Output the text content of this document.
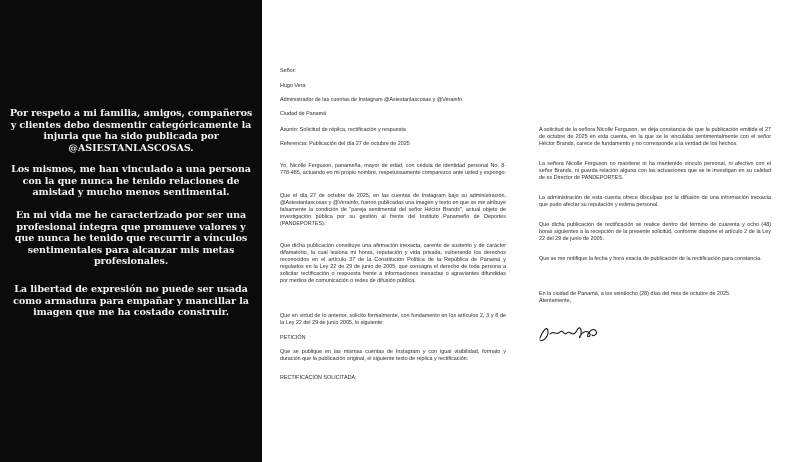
Por respeto a mi familia, amigos, compañeros y clientes debo desmentir categóricamente la injuria que ha sido publicada por @ASIESTANLASCOSAS.

Los mismos, me han vinculado a una persona con la que nunca he tenido relaciones de amistad y mucho menos sentimental.

En mi vida me he caracterizado por ser una profesional íntegra que promueve valores y que nunca he tenido que recurrir a vínculos sentimentales para alcanzar mis metas profesionales.

La libertad de expresión no puede ser usada como armadura para empañar y mancillar la imagen que me ha costado construir.

Señor:

Hugo Vera

Administrador de las cuentas de Instagram @Asiestanlascosas y @Verainfo

Ciudad de Panamá

Asunto: Solicitud de réplica, rectificación y respuesta

Referencia: Publicación del día 27 de octubre de 2025

Yo, Nicolle Ferguson, panameña, mayor de edad, con cédula de identidad personal No. 8-778-485, actuando en mi propio nombre, respetuosamente comparezco ante usted y expongo:

Que el día 27 de octubre de 2025, en las cuentas de Instagram bajo su administración, @Asiestanlascosas y @Verainfo, fueron publicadas una imagen y texto en que se me atribuye falsamente la condición de "pareja sentimental del señor Héctor Brands", actual objeto de investigación pública por su gestión al frente del Instituto Panameño de Deportes (PANDEPORTES).

Que dicha publicación constituye una afirmación inexacta, carente de sustento y de carácter difamatorio, la cual lesiona mi honra, reputación y vida privada, vulnerando los derechos reconocidos en el artículo 37 de la Constitución Política de la República de Panamá y regulados en la Ley 22 de 29 de junio de 2005, que consagra el derecho de toda persona a solicitar rectificación o respuesta frente a informaciones inexactas o agraviantes difundidas por medios de comunicación o redes de difusión pública.

Que en virtud de lo anterior, solicito formalmente, con fundamento en los artículos 2, 3 y 8 de la Ley 22 del 29 de junio 2005, lo siguiente:

PETICIÓN

Que se publique en las mismas cuentas de Instagram y con igual visibilidad, formato y duración que la publicación original, el siguiente texto de réplica y rectificación:

RECTIFICACIÓN SOLICITADA:

A solicitud de la señora Nicolle Ferguson, se deja constancia de que la publicación emitida el 27 de octubre de 2025 en esta cuenta, en la que se le vinculaba sentimentalmente con el señor Héctor Brands, carece de fundamento y no corresponde a la verdad de los hechos.

La señora Nicolle Ferguson no mantiene ni ha mantenido vínculo personal, ni afectivo con el señor Brands, ni guarda relación alguna con las actuaciones que se le investigan en su calidad de ex Director de PANDEPORTES.

La administración de esta cuenta ofrece disculpas por la difusión de una información inexacta que pudo afectar su reputación y estima personal.

Que dicha publicación de rectificación se realice dentro del término de cuarenta y ocho (48) horas siguientes a la recepción de la presente solicitud, conforme dispone el artículo 2 de la Ley 22 del 29 de junio de 2005.

Que se me notifique la fecha y hora exacta de publicación de la rectificación para constancia.

En la ciudad de Panamá, a los veintiocho (28) días del mes de octubre de 2025.

Atentamente,
